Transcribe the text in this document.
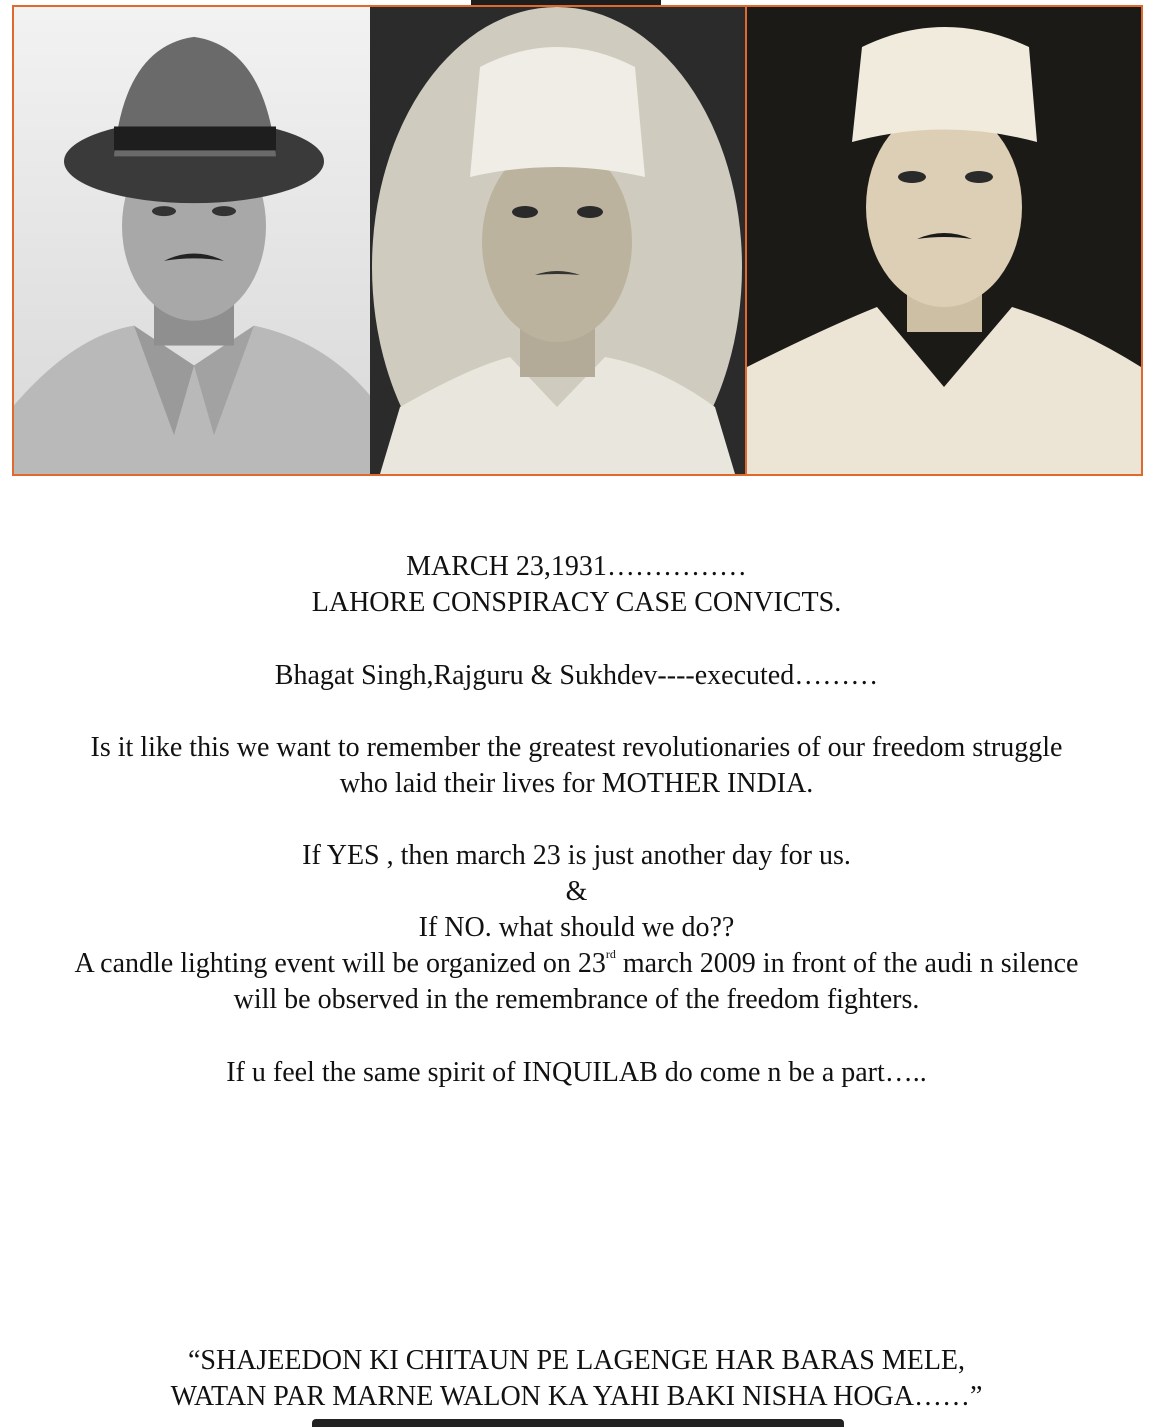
MARCH 23,1931……………
LAHORE CONSPIRACY CASE CONVICTS.
Bhagat Singh,Rajguru & Sukhdev----executed………
Is it like this we want to remember the greatest revolutionaries of our freedom struggle
who laid their lives for MOTHER INDIA.
If YES , then march 23 is just another day for us.
&
If NO. what should we do??
A candle lighting event will be organized on 23rd march 2009 in front of the audi n silence
will be observed in the remembrance of the freedom fighters.
If u feel the same spirit of INQUILAB do come n be a part…..
“SHAJEEDON KI CHITAUN PE LAGENGE HAR BARAS MELE,
WATAN PAR MARNE WALON KA YAHI BAKI NISHA HOGA……”
